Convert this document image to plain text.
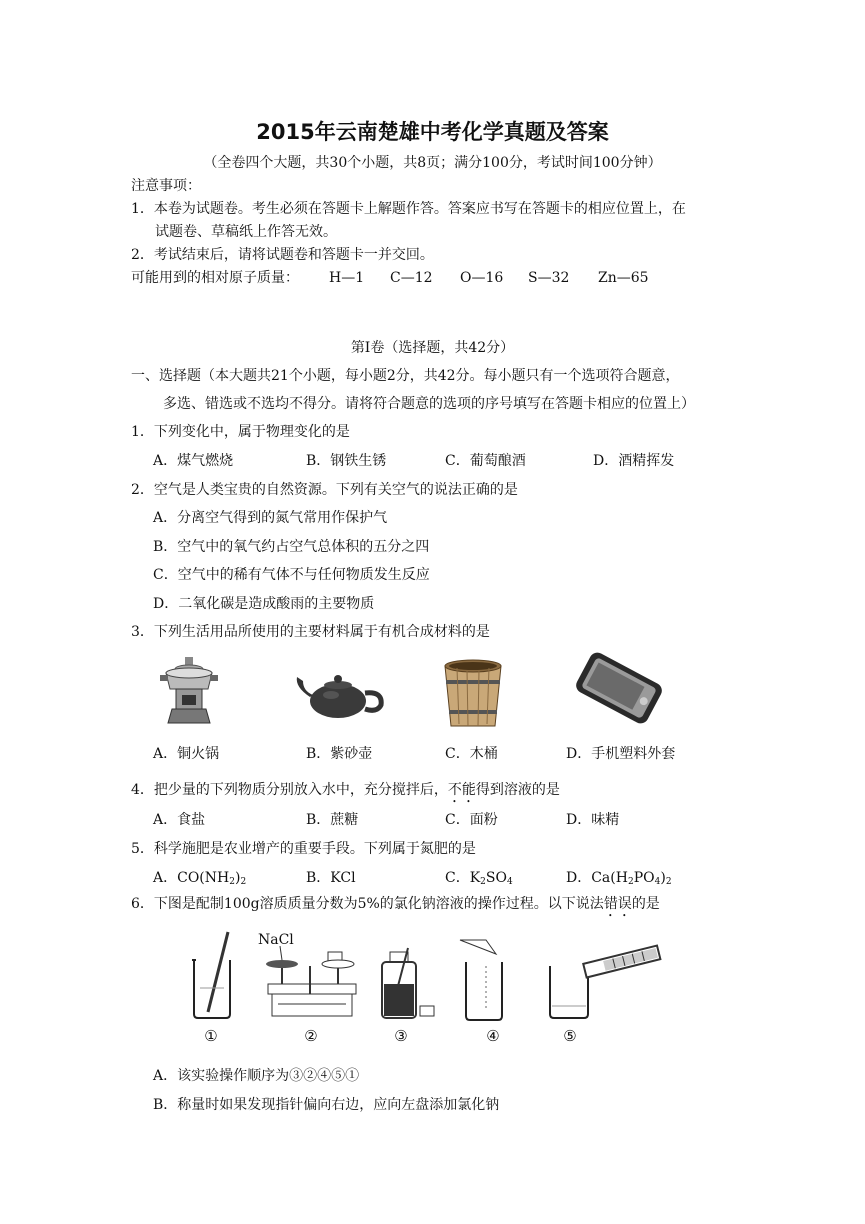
2015年云南楚雄中考化学真题及答案
（全卷四个大题，共30个小题，共8页；满分100分，考试时间100分钟）
注意事项：
1．本卷为试题卷。考生必须在答题卡上解题作答。答案应书写在答题卡的相应位置上，在
试题卷、草稿纸上作答无效。
2．考试结束后，请将试题卷和答题卡一并交回。
可能用到的相对原子质量： H—1 C—12 O—16 S—32 Zn—65
第Ⅰ卷（选择题，共42分）
一、选择题（本大题共21个小题，每小题2分，共42分。每小题只有一个选项符合题意，
多选、错选或不选均不得分。请将符合题意的选项的序号填写在答题卡相应的位置上）
1．下列变化中，属于物理变化的是
A．煤气燃烧	B．钢铁生锈	C．葡萄酿酒	D．酒精挥发
2．空气是人类宝贵的自然资源。下列有关空气的说法正确的是
A．分离空气得到的氮气常用作保护气
B．空气中的氧气约占空气总体积的五分之四
C．空气中的稀有气体不与任何物质发生反应
D．二氧化碳是造成酸雨的主要物质
3．下列生活用品所使用的主要材料属于有机合成材料的是
A．铜火锅	B．紫砂壶	C．木桶	D．手机塑料外套
4．把少量的下列物质分别放入水中，充分搅拌后，不能得到溶液的是
A．食盐	B．蔗糖	C．面粉	D．味精
5．科学施肥是农业增产的重要手段。下列属于氮肥的是
A．$CO(NH_2)_2$	B．KCl	C．$K_2SO_4$	D．$Ca(H_2PO_4)_2$
6．下图是配制100g溶质质量分数为5%的氯化钠溶液的操作过程。以下说法错误的是
NaCl
①	②	③	④	⑤
A．该实验操作顺序为③②④⑤①
B．称量时如果发现指针偏向右边，应向左盘添加氯化钠
